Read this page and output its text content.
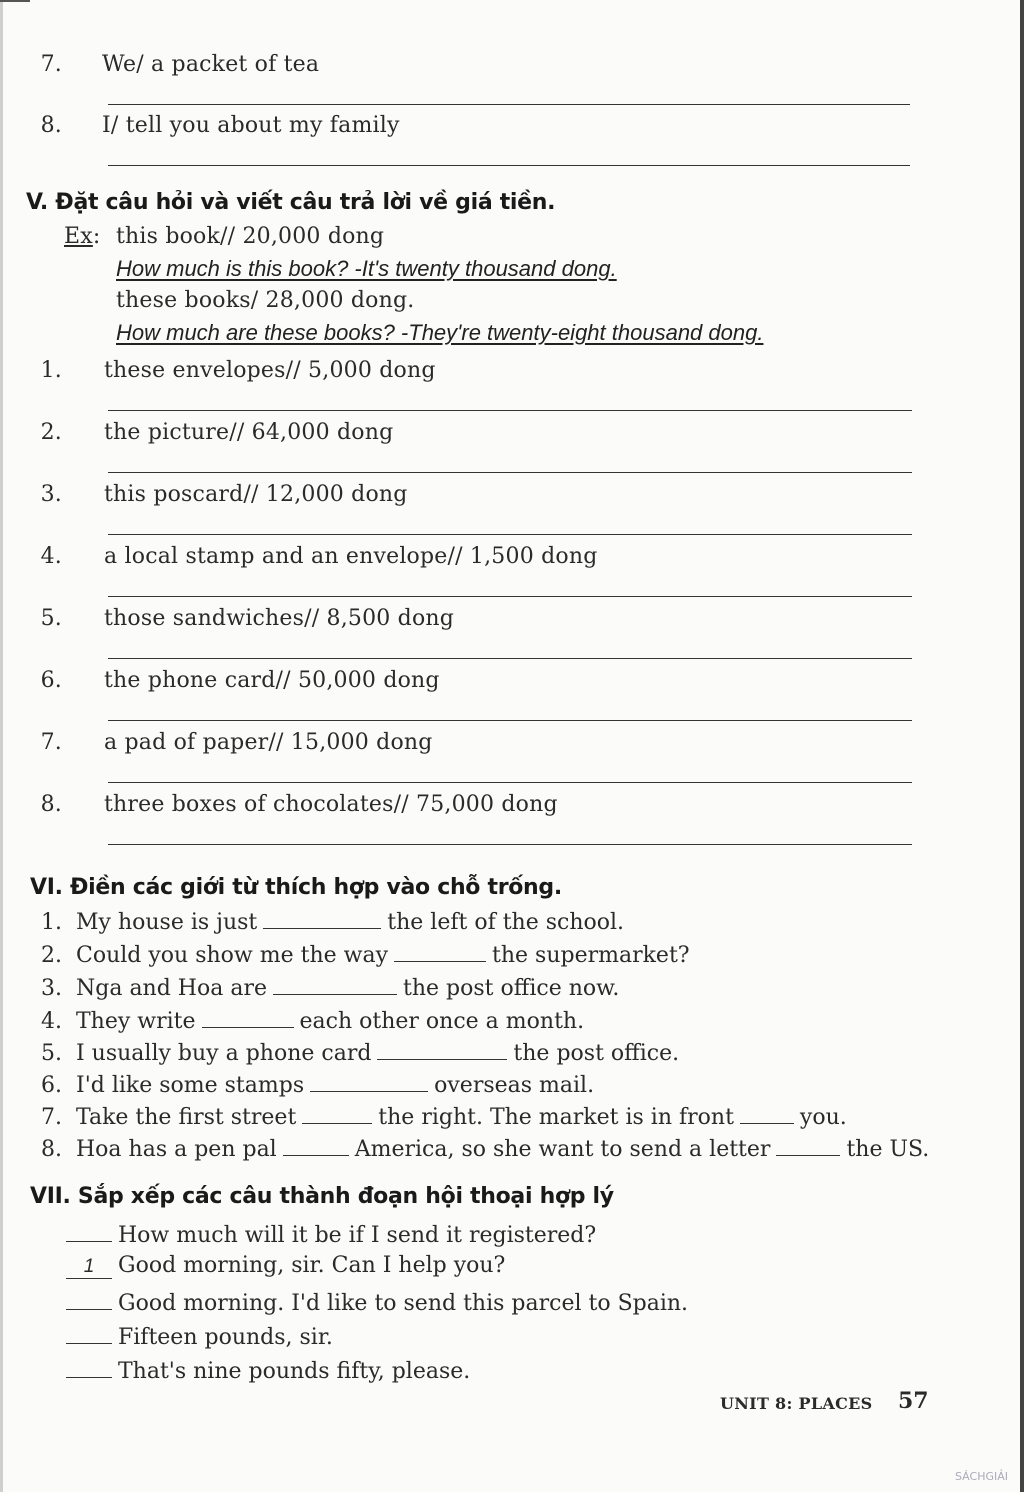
7. We/ a packet of tea
8. I/ tell you about my family
V. Đặt câu hỏi và viết câu trả lời về giá tiền.
Ex: this book// 20,000 dong
How much is this book? -It's twenty thousand dong.
these books/ 28,000 dong.
How much are these books? -They're twenty-eight thousand dong.
1. these envelopes// 5,000 dong
2. the picture// 64,000 dong
3. this poscard// 12,000 dong
4. a local stamp and an envelope// 1,500 dong
5. those sandwiches// 8,500 dong
6. the phone card// 50,000 dong
7. a pad of paper// 15,000 dong
8. three boxes of chocolates// 75,000 dong
VI. Điền các giới từ thích hợp vào chỗ trống.
1. My house is just	the left of the school.
2. Could you show me the way	the supermarket?
3. Nga and Hoa are	the post office now.
4. They write	each other once a month.
5. I usually buy a phone card	the post office.
6. I'd like some stamps	overseas mail.
7. Take the first street	the right. The market is in front	you.
8. Hoa has a pen pal	America, so she want to send a letter	the US.
VII. Sắp xếp các câu thành đoạn hội thoại hợp lý
How much will it be if I send it registered?
1	Good morning, sir. Can I help you?
Good morning. I'd like to send this parcel to Spain.
Fifteen pounds, sir.
That's nine pounds fifty, please.
UNIT 8: PLACES 57
SÁCHGIẢI
